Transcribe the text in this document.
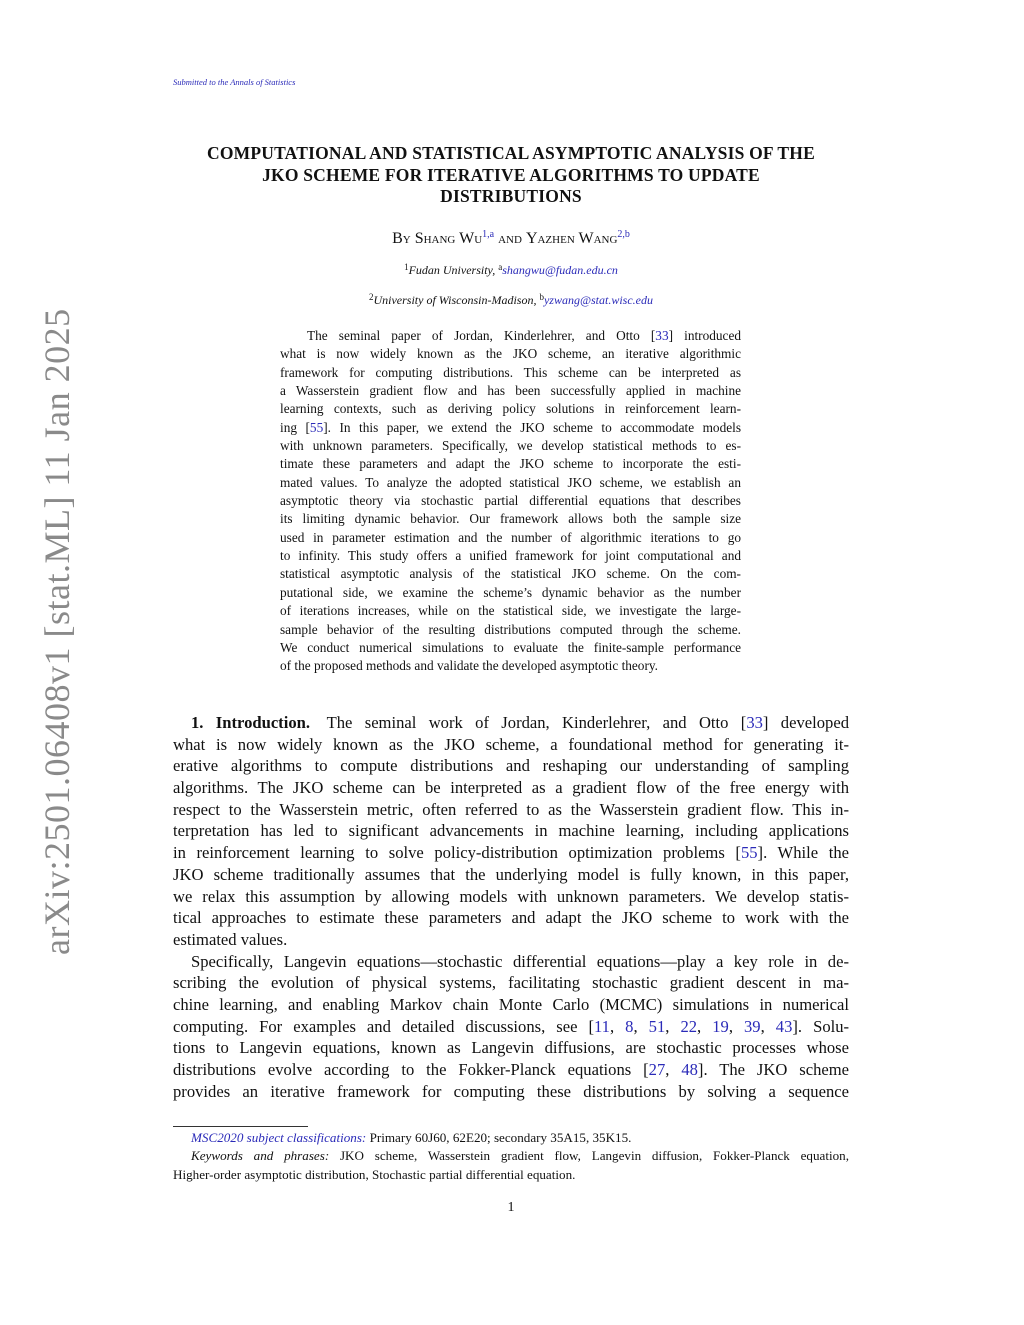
Submitted to the Annals of Statistics
arXiv:2501.06408v1 [stat.ML] 11 Jan 2025
COMPUTATIONAL AND STATISTICAL ASYMPTOTIC ANALYSIS OF THE
JKO SCHEME FOR ITERATIVE ALGORITHMS TO UPDATE
DISTRIBUTIONS
By Shang Wu$^{1,a}$ and Yazhen Wang$^{2,b}$
$^1$Fudan University, $^a$shangwu@fudan.edu.cn
$^2$University of Wisconsin-Madison, $^b$yzwang@stat.wisc.edu
The seminal paper of Jordan, Kinderlehrer, and Otto [33] introduced
what is now widely known as the JKO scheme, an iterative algorithmic
framework for computing distributions. This scheme can be interpreted as
a Wasserstein gradient flow and has been successfully applied in machine
learning contexts, such as deriving policy solutions in reinforcement learn-
ing [55]. In this paper, we extend the JKO scheme to accommodate models
with unknown parameters. Specifically, we develop statistical methods to es-
timate these parameters and adapt the JKO scheme to incorporate the esti-
mated values. To analyze the adopted statistical JKO scheme, we establish an
asymptotic theory via stochastic partial differential equations that describes
its limiting dynamic behavior. Our framework allows both the sample size
used in parameter estimation and the number of algorithmic iterations to go
to infinity. This study offers a unified framework for joint computational and
statistical asymptotic analysis of the statistical JKO scheme. On the com-
putational side, we examine the scheme’s dynamic behavior as the number
of iterations increases, while on the statistical side, we investigate the large-
sample behavior of the resulting distributions computed through the scheme.
We conduct numerical simulations to evaluate the finite-sample performance
of the proposed methods and validate the developed asymptotic theory.
1. Introduction.  The seminal work of Jordan, Kinderlehrer, and Otto [33] developed
what is now widely known as the JKO scheme, a foundational method for generating it-
erative algorithms to compute distributions and reshaping our understanding of sampling
algorithms. The JKO scheme can be interpreted as a gradient flow of the free energy with
respect to the Wasserstein metric, often referred to as the Wasserstein gradient flow. This in-
terpretation has led to significant advancements in machine learning, including applications
in reinforcement learning to solve policy-distribution optimization problems [55]. While the
JKO scheme traditionally assumes that the underlying model is fully known, in this paper,
we relax this assumption by allowing models with unknown parameters. We develop statis-
tical approaches to estimate these parameters and adapt the JKO scheme to work with the
estimated values.
Specifically, Langevin equations—stochastic differential equations—play a key role in de-
scribing the evolution of physical systems, facilitating stochastic gradient descent in ma-
chine learning, and enabling Markov chain Monte Carlo (MCMC) simulations in numerical
computing. For examples and detailed discussions, see [11, 8, 51, 22, 19, 39, 43]. Solu-
tions to Langevin equations, known as Langevin diffusions, are stochastic processes whose
distributions evolve according to the Fokker-Planck equations [27, 48]. The JKO scheme
provides an iterative framework for computing these distributions by solving a sequence
MSC2020 subject classifications: Primary 60J60, 62E20; secondary 35A15, 35K15.
Keywords and phrases: JKO scheme, Wasserstein gradient flow, Langevin diffusion, Fokker-Planck equation,
Higher-order asymptotic distribution, Stochastic partial differential equation.
1
